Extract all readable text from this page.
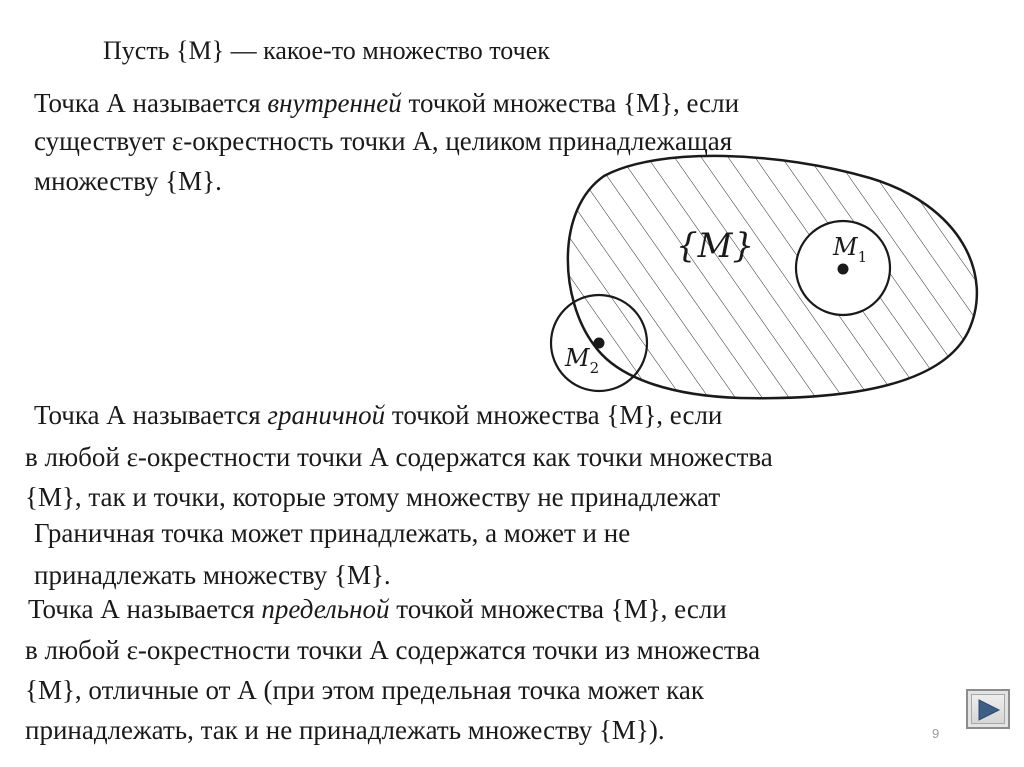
Пусть {M} — какое-то множество точек
Точка А называется внутренней точкой множества {M}, если
существует ε-окрестность точки А, целиком принадлежащая
множеству {M}.
{M}	$M_1$
$M_2$
Точка А называется граничной точкой множества {M}, если
в любой ε-окрестности точки А содержатся как точки множества
{M}, так и точки, которые этому множеству не принадлежат
Граничная точка может принадлежать, а может и не
принадлежать множеству {M}.
Точка А называется предельной точкой множества {M}, если
в любой ε-окрестности точки А содержатся точки из множества
{M}, отличные от А (при этом предельная точка может как
принадлежать, так и не принадлежать множеству {M}).	9
